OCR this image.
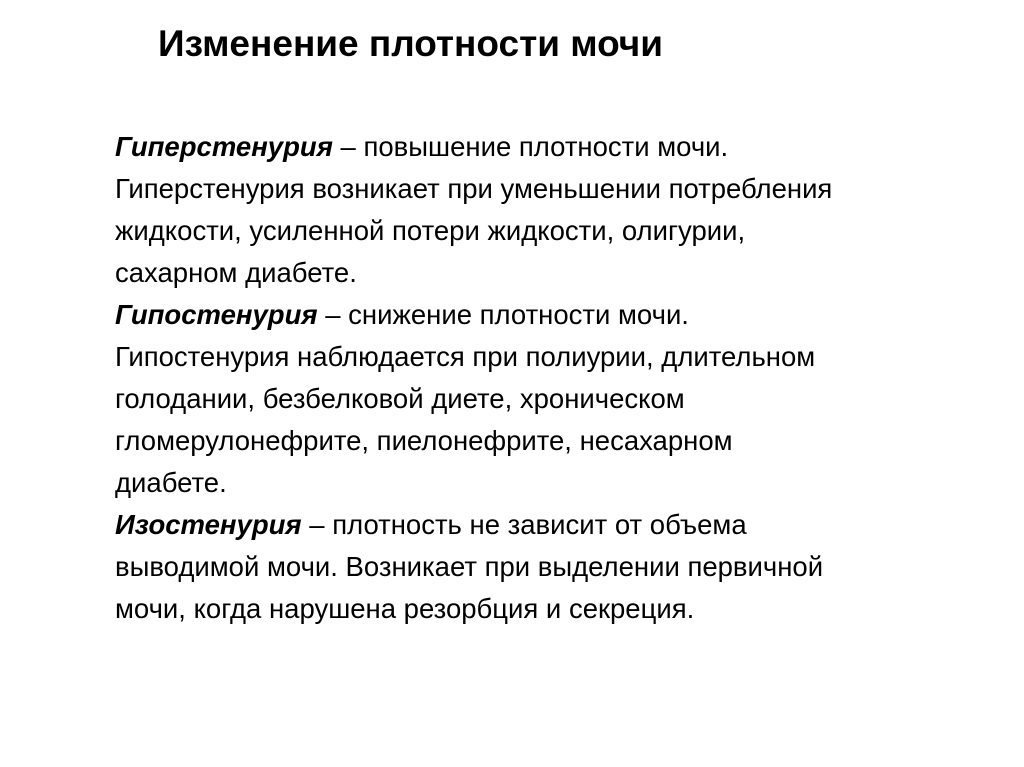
Изменение плотности мочи

Гиперстенурия – повышение плотности мочи.
Гиперстенурия возникает при уменьшении потребления
жидкости, усиленной потери жидкости, олигурии,
сахарном диабете.

Гипостенурия – снижение плотности мочи.
Гипостенурия наблюдается при полиурии, длительном
голодании, безбелковой диете, хроническом
гломерулонефрите, пиелонефрите, несахарном
диабете.

Изостенурия – плотность не зависит от объема
выводимой мочи. Возникает при выделении первичной
мочи, когда нарушена резорбция и секреция.
